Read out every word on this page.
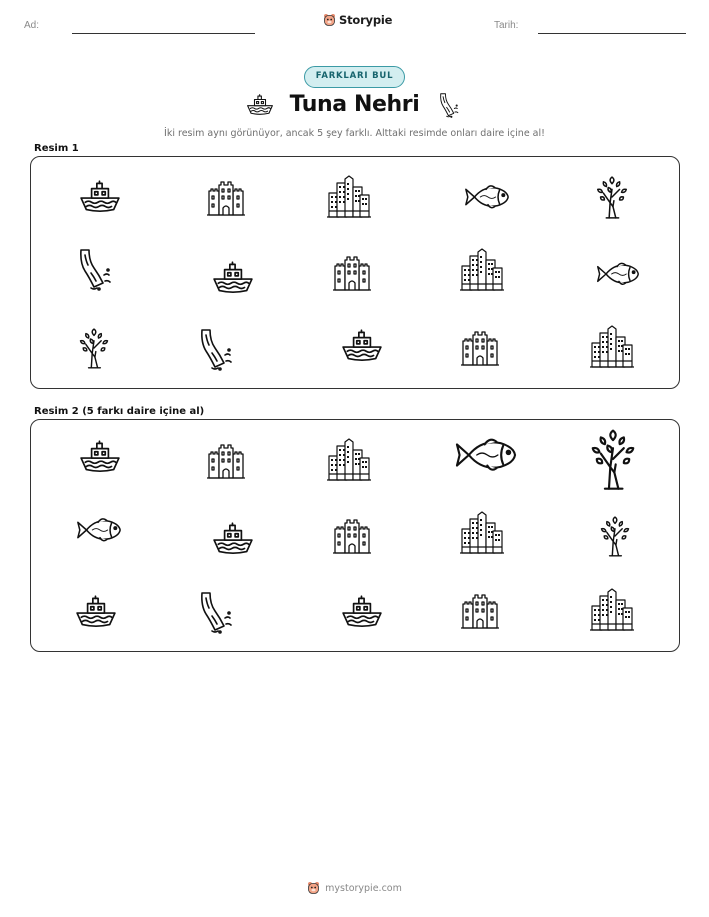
Ad:	Storypie	Tarih:
FARKLARI BUL
Tuna Nehri
İki resim aynı görünüyor, ancak 5 şey farklı. Alttaki resimde onları daire içine al!
Resim 1
Resim 2 (5 farkı daire içine al)
mystorypie.com
